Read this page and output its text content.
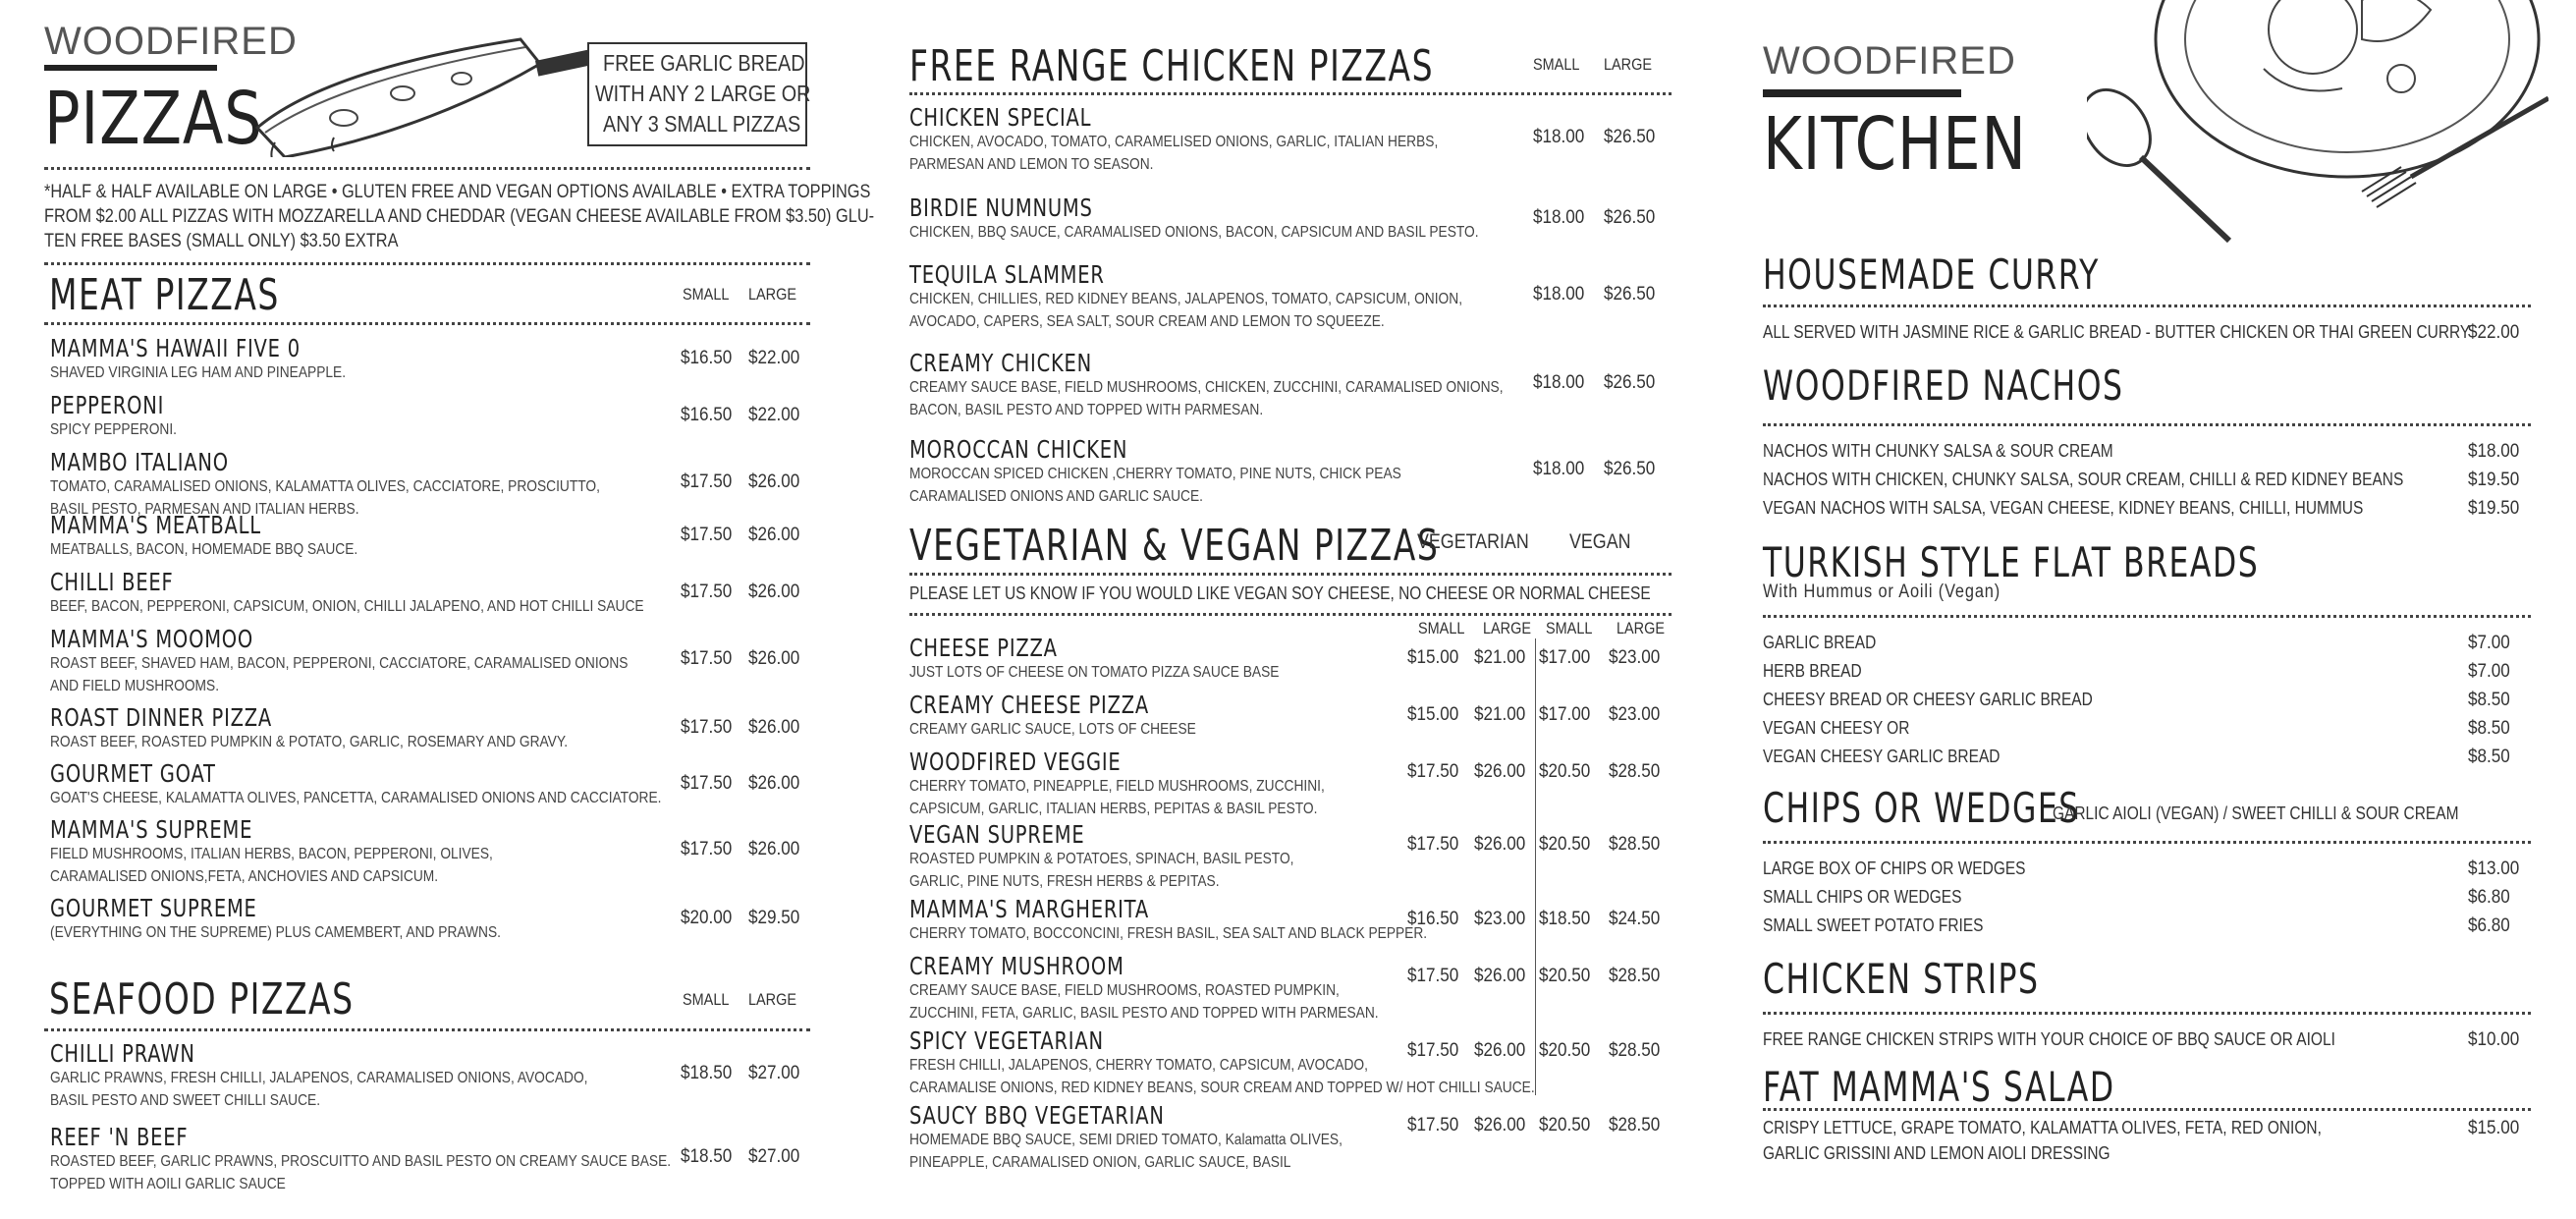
WOODFIRED
PIZZAS
FREE GARLIC BREAD
WITH ANY 2 LARGE OR
ANY 3 SMALL PIZZAS
*HALF & HALF AVAILABLE ON LARGE • GLUTEN FREE AND VEGAN OPTIONS AVAILABLE • EXTRA TOPPINGS
FROM $2.00 ALL PIZZAS WITH MOZZARELLA AND CHEDDAR (VEGAN CHEESE AVAILABLE FROM $3.50) GLU-
TEN FREE BASES (SMALL ONLY) $3.50 EXTRA
MEAT PIZZAS	SMALL LARGE
MAMMA'S HAWAII FIVE 0
SHAVED VIRGINIA LEG HAM AND PINEAPPLE.
$16.50 $22.00
PEPPERONI
SPICY PEPPERONI.
$16.50 $22.00
MAMBO ITALIANO
TOMATO, CARAMALISED ONIONS, KALAMATTA OLIVES, CACCIATORE, PROSCIUTTO,
BASIL PESTO, PARMESAN AND ITALIAN HERBS.
$17.50 $26.00
MAMMA'S MEATBALL
MEATBALLS, BACON, HOMEMADE BBQ SAUCE.
$17.50 $26.00
CHILLI BEEF
BEEF, BACON, PEPPERONI, CAPSICUM, ONION, CHILLI JALAPENO, AND HOT CHILLI SAUCE
$17.50 $26.00
MAMMA'S MOOMOO
ROAST BEEF, SHAVED HAM, BACON, PEPPERONI, CACCIATORE, CARAMALISED ONIONS
AND FIELD MUSHROOMS.
$17.50 $26.00
ROAST DINNER PIZZA
ROAST BEEF, ROASTED PUMPKIN & POTATO, GARLIC, ROSEMARY AND GRAVY.
$17.50 $26.00
GOURMET GOAT
GOAT'S CHEESE, KALAMATTA OLIVES, PANCETTA, CARAMALISED ONIONS AND CACCIATORE.
$17.50 $26.00
MAMMA'S SUPREME
FIELD MUSHROOMS, ITALIAN HERBS, BACON, PEPPERONI, OLIVES,
CARAMALISED ONIONS,FETA, ANCHOVIES AND CAPSICUM.
$17.50 $26.00
GOURMET SUPREME
(EVERYTHING ON THE SUPREME) PLUS CAMEMBERT, AND PRAWNS.
$20.00 $29.50
SEAFOOD PIZZAS	SMALL LARGE
CHILLI PRAWN
GARLIC PRAWNS, FRESH CHILLI, JALAPENOS, CARAMALISED ONIONS, AVOCADO,
BASIL PESTO AND SWEET CHILLI SAUCE.
$18.50 $27.00
REEF 'N BEEF
ROASTED BEEF, GARLIC PRAWNS, PROSCUITTO AND BASIL PESTO ON CREAMY SAUCE BASE.
TOPPED WITH AOILI GARLIC SAUCE
$18.50 $27.00
FREE RANGE CHICKEN PIZZAS	SMALL LARGE
CHICKEN SPECIAL
CHICKEN, AVOCADO, TOMATO, CARAMELISED ONIONS, GARLIC, ITALIAN HERBS,
PARMESAN AND LEMON TO SEASON.
$18.00 $26.50
BIRDIE NUMNUMS
CHICKEN, BBQ SAUCE, CARAMALISED ONIONS, BACON, CAPSICUM AND BASIL PESTO.
$18.00 $26.50
TEQUILA SLAMMER
CHICKEN, CHILLIES, RED KIDNEY BEANS, JALAPENOS, TOMATO, CAPSICUM, ONION,
AVOCADO, CAPERS, SEA SALT, SOUR CREAM AND LEMON TO SQUEEZE.
$18.00 $26.50
CREAMY CHICKEN
CREAMY SAUCE BASE, FIELD MUSHROOMS, CHICKEN, ZUCCHINI, CARAMALISED ONIONS,
BACON, BASIL PESTO AND TOPPED WITH PARMESAN.
$18.00 $26.50
MOROCCAN CHICKEN
MOROCCAN SPICED CHICKEN ,CHERRY TOMATO, PINE NUTS, CHICK PEAS
CARAMALISED ONIONS AND GARLIC SAUCE.
$18.00 $26.50
VEGETARIAN & VEGAN PIZZAS
VEGETARIAN VEGAN
PLEASE LET US KNOW IF YOU WOULD LIKE VEGAN SOY CHEESE, NO CHEESE OR NORMAL CHEESE
SMALL LARGE SMALL LARGE
CHEESE PIZZA
JUST LOTS OF CHEESE ON TOMATO PIZZA SAUCE BASE
$15.00 $21.00 $17.00 $23.00
CREAMY CHEESE PIZZA
CREAMY GARLIC SAUCE, LOTS OF CHEESE
$15.00 $21.00 $17.00 $23.00
WOODFIRED VEGGIE
CHERRY TOMATO, PINEAPPLE, FIELD MUSHROOMS, ZUCCHINI,
CAPSICUM, GARLIC, ITALIAN HERBS, PEPITAS & BASIL PESTO.
$17.50 $26.00 $20.50 $28.50
VEGAN SUPREME
ROASTED PUMPKIN & POTATOES, SPINACH, BASIL PESTO,
GARLIC, PINE NUTS, FRESH HERBS & PEPITAS.
$17.50 $26.00 $20.50 $28.50
MAMMA'S MARGHERITA
CHERRY TOMATO, BOCCONCINI, FRESH BASIL, SEA SALT AND BLACK PEPPER.
$16.50 $23.00 $18.50 $24.50
CREAMY MUSHROOM
CREAMY SAUCE BASE, FIELD MUSHROOMS, ROASTED PUMPKIN,
ZUCCHINI, FETA, GARLIC, BASIL PESTO AND TOPPED WITH PARMESAN.
$17.50 $26.00 $20.50 $28.50
SPICY VEGETARIAN
FRESH CHILLI, JALAPENOS, CHERRY TOMATO, CAPSICUM, AVOCADO,
CARAMALISE ONIONS, RED KIDNEY BEANS, SOUR CREAM AND TOPPED W/ HOT CHILLI SAUCE.
$17.50 $26.00 $20.50 $28.50
SAUCY BBQ VEGETARIAN
HOMEMADE BBQ SAUCE, SEMI DRIED TOMATO, Kalamatta OLIVES,
PINEAPPLE, CARAMALISED ONION, GARLIC SAUCE, BASIL
$17.50 $26.00 $20.50 $28.50
WOODFIRED
KITCHEN
HOUSEMADE CURRY
ALL SERVED WITH JASMINE RICE & GARLIC BREAD - BUTTER CHICKEN OR THAI GREEN CURRY
$22.00
WOODFIRED NACHOS
NACHOS WITH CHUNKY SALSA & SOUR CREAM	$18.00
NACHOS WITH CHICKEN, CHUNKY SALSA, SOUR CREAM, CHILLI & RED KIDNEY BEANS	$19.50
VEGAN NACHOS WITH SALSA, VEGAN CHEESE, KIDNEY BEANS, CHILLI, HUMMUS	$19.50
TURKISH STYLE FLAT BREADS
With Hummus or Aoili (Vegan)
GARLIC BREAD	$7.00
HERB BREAD	$7.00
CHEESY BREAD OR CHEESY GARLIC BREAD	$8.50
VEGAN CHEESY OR	$8.50
VEGAN CHEESY GARLIC BREAD	$8.50
CHIPS OR WEDGES
GARLIC AIOLI (VEGAN) / SWEET CHILLI & SOUR CREAM
LARGE BOX OF CHIPS OR WEDGES	$13.00
SMALL CHIPS OR WEDGES	$6.80
SMALL SWEET POTATO FRIES	$6.80
CHICKEN STRIPS
FREE RANGE CHICKEN STRIPS WITH YOUR CHOICE OF BBQ SAUCE OR AIOLI	$10.00
FAT MAMMA'S SALAD
CRISPY LETTUCE, GRAPE TOMATO, KALAMATTA OLIVES, FETA, RED ONION,
GARLIC GRISSINI AND LEMON AIOLI DRESSING
$15.00
